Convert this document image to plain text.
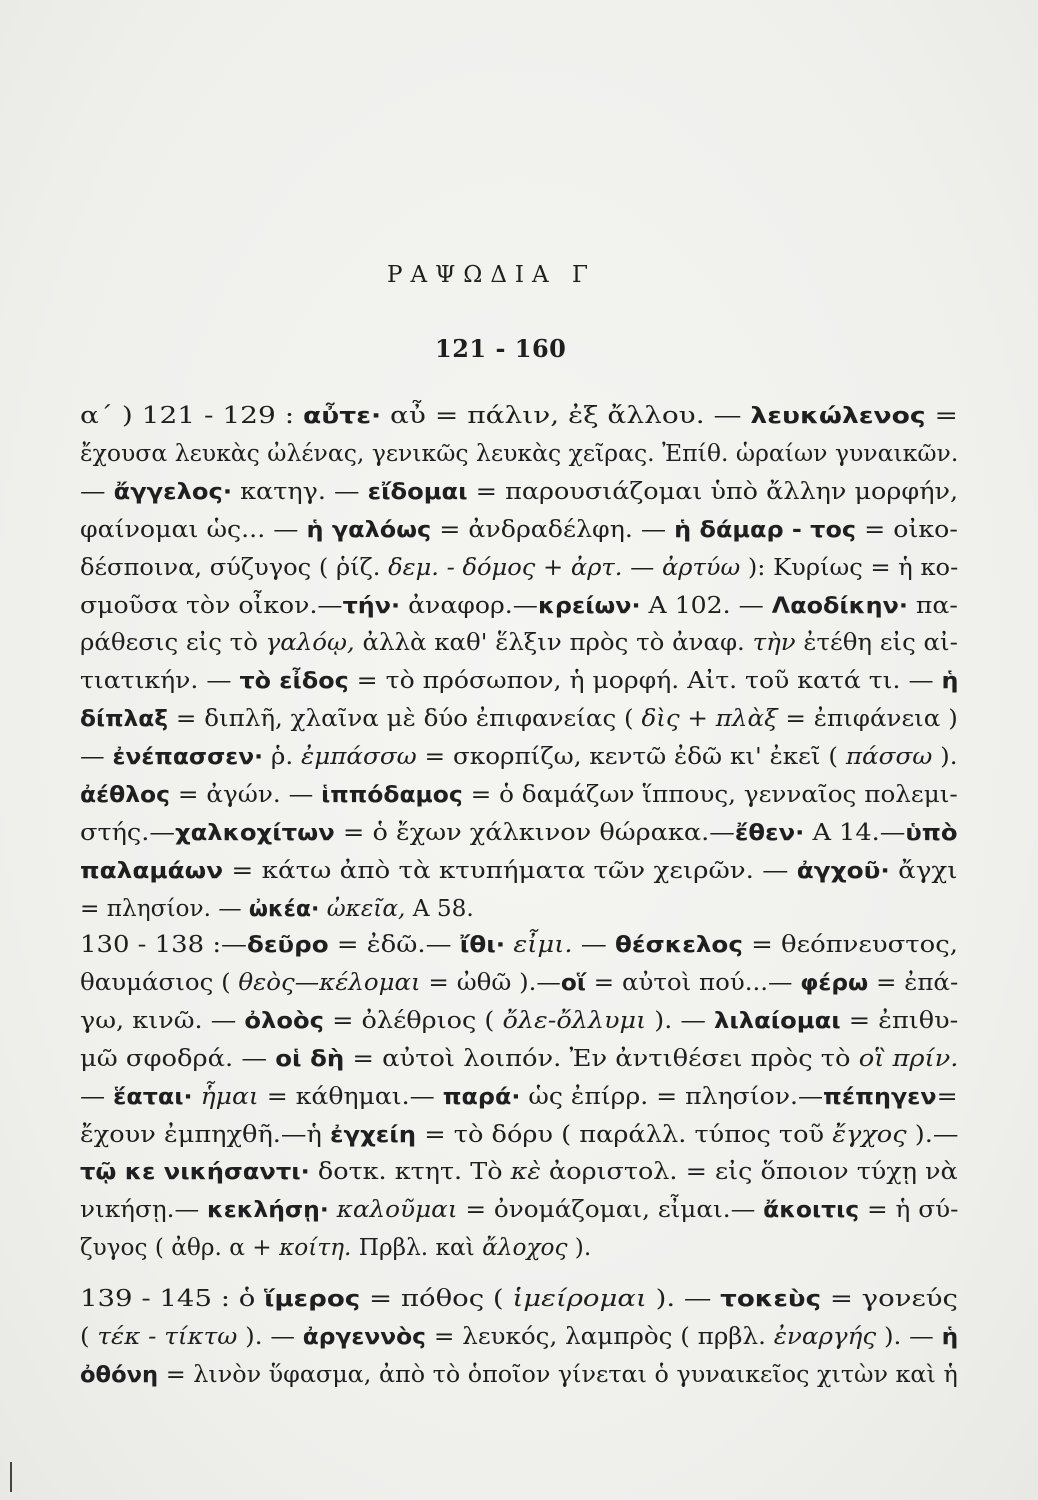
ΡΑΨΩΔΙΑ Γ
121 - 160
α΄ ) 121 - 129 : αὖτε· αὖ = πάλιν, ἐξ ἄλλου. — λευκώλενος =
ἔχουσα λευκὰς ὠλένας, γενικῶς λευκὰς χεῖρας. Ἐπίθ. ὡραίων γυναικῶν.
— ἄγγελος· κατηγ. — εἴδομαι = παρουσιάζομαι ὑπὸ ἄλλην μορφήν,
φαίνομαι ὡς... — ἡ γαλόως = ἀνδραδέλφη. — ἡ δάμαρ - τος = οἰκο-
δέσποινα, σύζυγος ( ῥίζ. δεμ. - δόμος + ἀρτ. — ἀρτύω ): Κυρίως = ἡ κο-
σμοῦσα τὸν οἶκον.—τήν· ἀναφορ.—κρείων· Α 102. — Λαοδίκην· πα-
ράθεσις εἰς τὸ γαλόῳ, ἀλλὰ καθ' ἕλξιν πρὸς τὸ ἀναφ. τὴν ἐτέθη εἰς αἰ-
τιατικήν. — τὸ εἶδος = τὸ πρόσωπον, ἡ μορφή. Αἰτ. τοῦ κατά τι. — ἡ
δίπλαξ = διπλῆ, χλαῖνα μὲ δύο ἐπιφανείας ( δὶς + πλὰξ = ἐπιφάνεια )
— ἐνέπασσεν· ῥ. ἐμπάσσω = σκορπίζω, κεντῶ ἐδῶ κι' ἐκεῖ ( πάσσω ).
ἀέθλος = ἀγών. — ἱππόδαμος = ὁ δαμάζων ἵππους, γενναῖος πολεμι-
στής.—χαλκοχίτων = ὁ ἔχων χάλκινον θώρακα.—ἔθεν· Α 14.—ὑπὸ
παλαμάων = κάτω ἀπὸ τὰ κτυπήματα τῶν χειρῶν. — ἀγχοῦ· ἄγχι
= πλησίον. — ὠκέα· ὠκεῖα, Α 58.
130 - 138 :—δεῦρο = ἐδῶ.— ἴθι· εἶμι. — θέσκελος = θεόπνευστος,
θαυμάσιος ( θεὸς—κέλομαι = ὠθῶ ).—οἵ = αὐτοὶ πού...— φέρω = ἐπά-
γω, κινῶ. — ὀλοὸς = ὀλέθριος ( ὄλε-ὄλλυμι ). — λιλαίομαι = ἐπιθυ-
μῶ σφοδρά. — οἱ δὴ = αὐτοὶ λοιπόν. Ἐν ἀντιθέσει πρὸς τὸ οἳ πρίν.
— ἕαται· ἧμαι = κάθημαι.— παρά· ὡς ἐπίρρ. = πλησίον.—πέπηγεν=
ἔχουν ἐμπηχθῆ.—ἡ ἐγχείη = τὸ δόρυ ( παράλλ. τύπος τοῦ ἔγχος ).—
τῷ κε νικήσαντι· δοτκ. κτητ. Τὸ κὲ ἀοριστολ. = εἰς ὅποιον τύχῃ νὰ
νικήσῃ.— κεκλήσῃ· καλοῦμαι = ὀνομάζομαι, εἶμαι.— ἄκοιτις = ἡ σύ-
ζυγος ( ἀθρ. α + κοίτη. Πρβλ. καὶ ἄλοχος ).
139 - 145 : ὁ ἵμερος = πόθος ( ἱμείρομαι ). — τοκεὺς = γονεύς
( τέκ - τίκτω ). — ἀργεννὸς = λευκός, λαμπρὸς ( πρβλ. ἐναργής ). — ἡ
ὀθόνη = λινὸν ὕφασμα, ἀπὸ τὸ ὁποῖον γίνεται ὁ γυναικεῖος χιτὼν καὶ ἡ
